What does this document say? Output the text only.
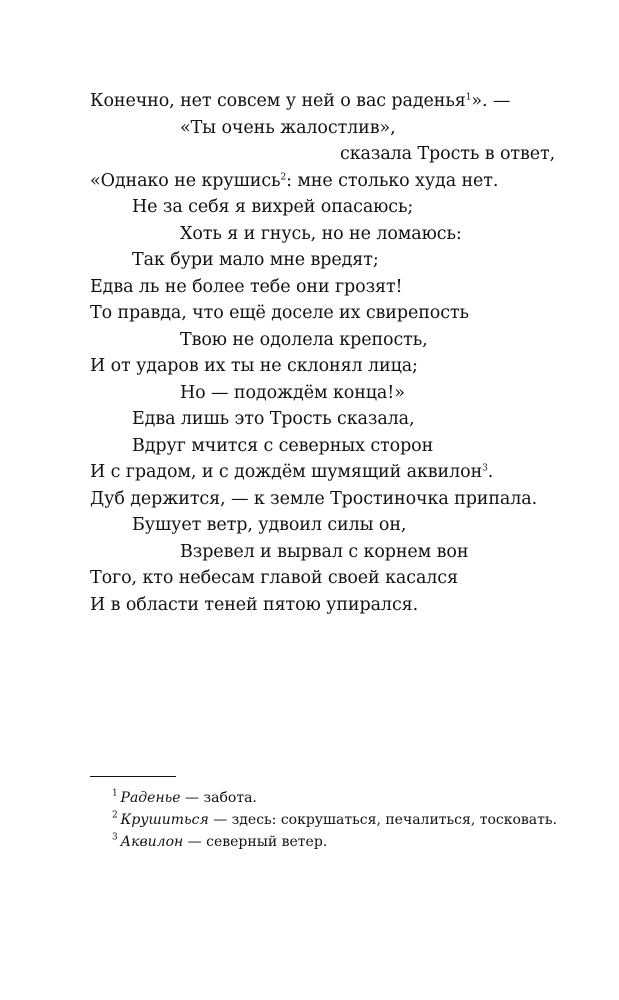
Конечно, нет совсем у ней о вас раденья$^1$». —
«Ты очень жалостлив»,
сказала Трость в ответ,
«Однако не крушись$^2$: мне столько худа нет.
Не за себя я вихрей опасаюсь;
Хоть я и гнусь, но не ломаюсь:
Так бури мало мне вредят;
Едва ль не более тебе они грозят!
То правда, что ещё доселе их свирепость
Твою не одолела крепость,
И от ударов их ты не склонял лица;
Но — подождём конца!»
Едва лишь это Трость сказала,
Вдруг мчится с северных сторон
И с градом, и с дождём шумящий аквилон$^3$.
Дуб держится, — к земле Тростиночка припала.
Бушует ветр, удвоил силы он,
Взревел и вырвал с корнем вон
Того, кто небесам главой своей касался
И в области теней пятою упирался.

$^1$  Раденье — забота.

$^2$  Крушиться — здесь: сокрушаться, печалиться, тосковать.

$^3$  Аквилон — северный ветер.
